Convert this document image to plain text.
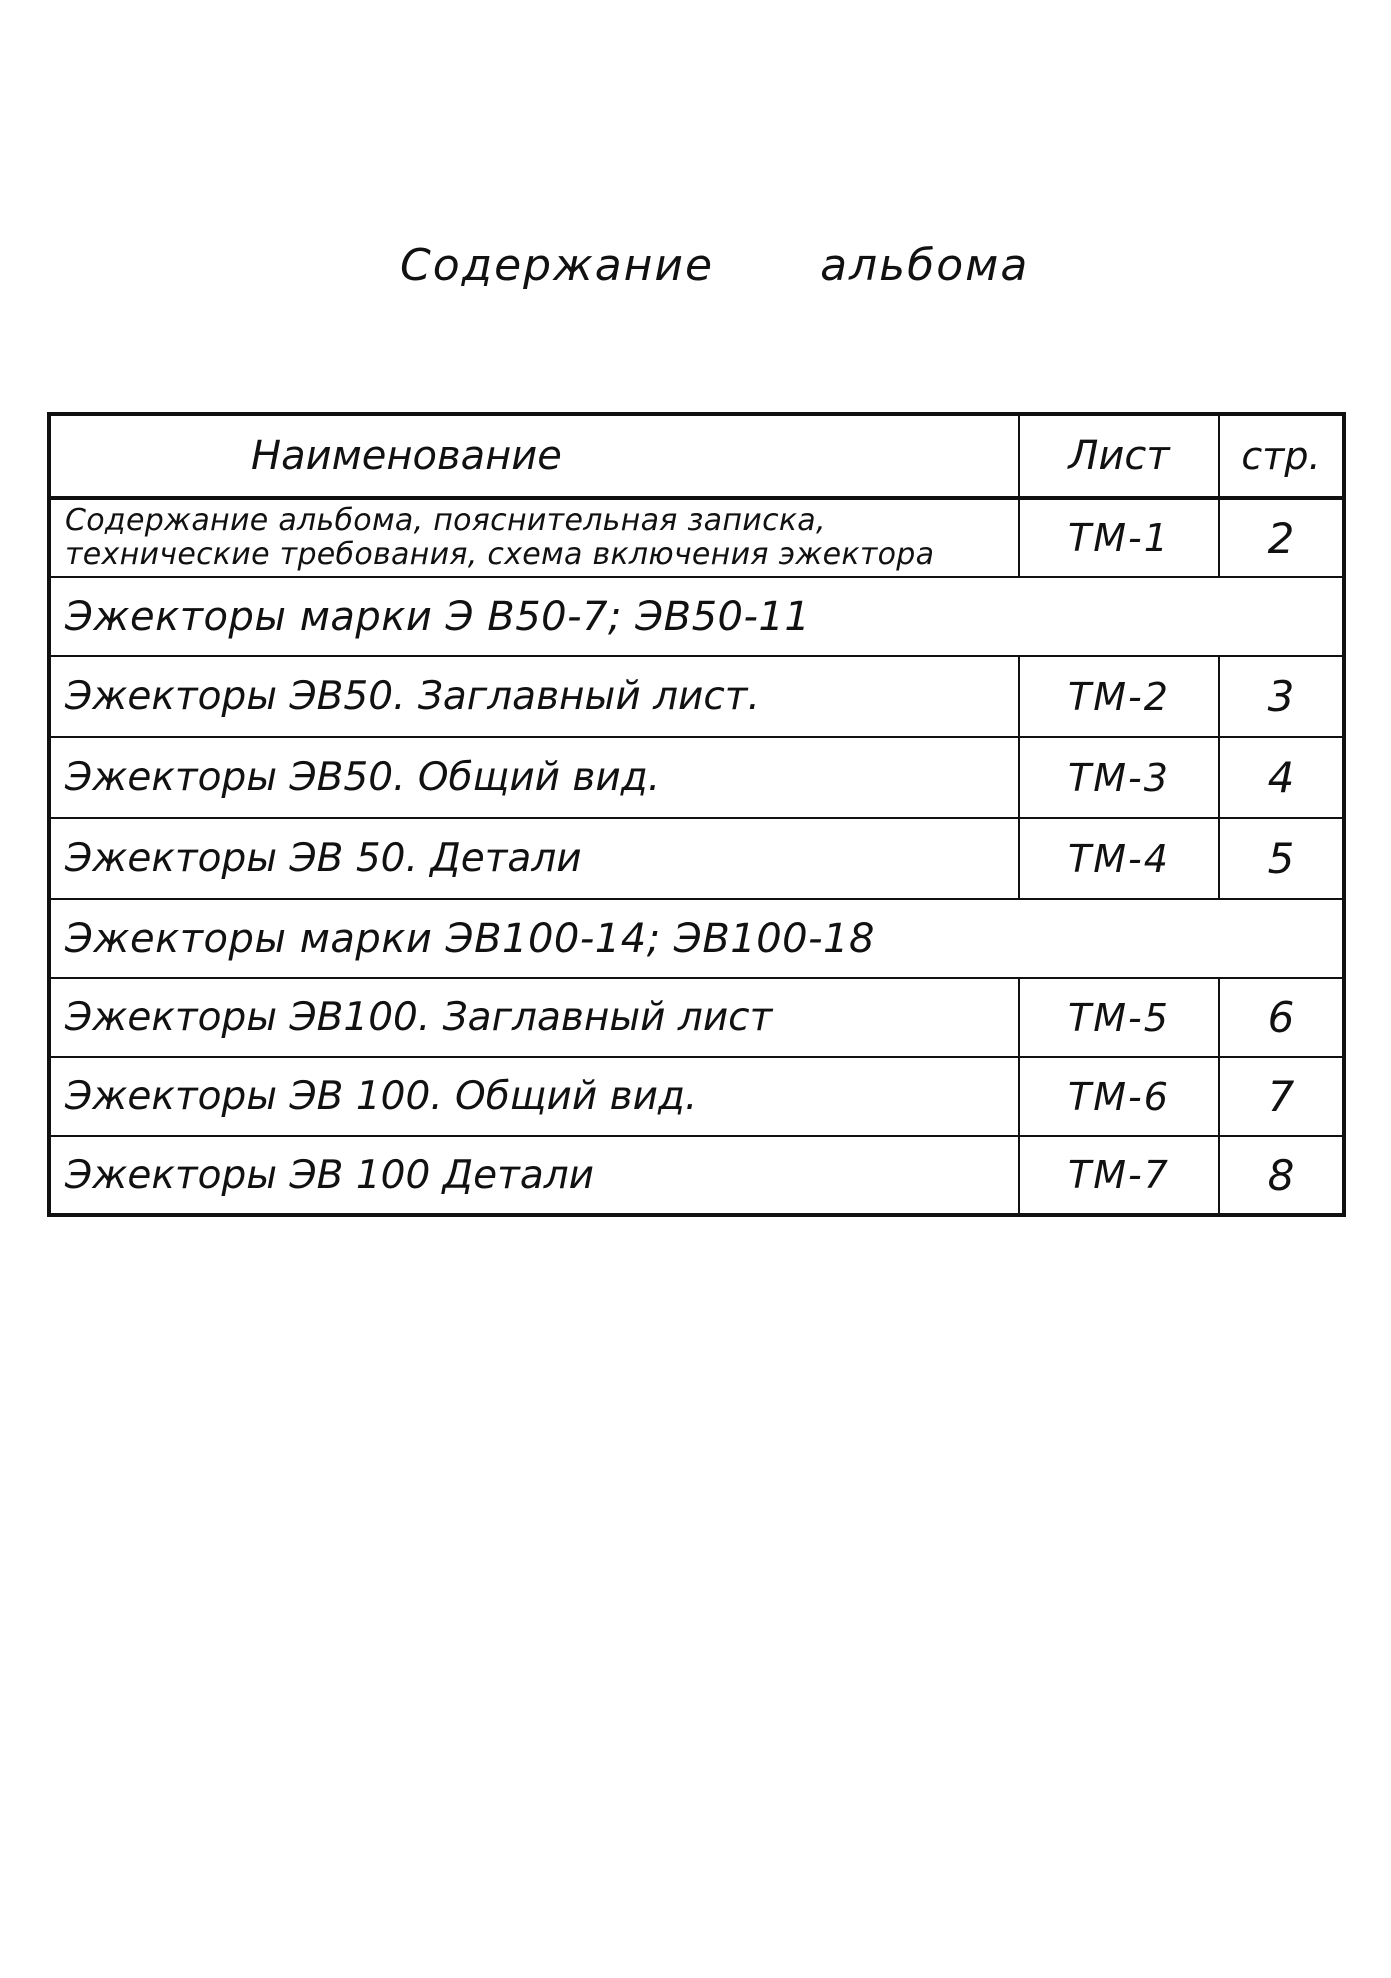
Содержание альбома
Наименование	Лист	стр.
Содержание альбома, пояснительная записка, технические требования, схема включения эжектора	ТМ-1	2
Эжекторы марки Э В50-7; ЭВ50-11		
Эжекторы ЭВ50. Заглавный лист.	ТМ-2	3
Эжекторы ЭВ50. Общий вид.	ТМ-3	4
Эжекторы ЭВ 50. Детали	ТМ-4	5
Эжекторы марки ЭВ100-14; ЭВ100-18		
Эжекторы ЭВ100. Заглавный лист	ТМ-5	6
Эжекторы ЭВ 100. Общий вид.	ТМ-6	7
Эжекторы ЭВ 100 Детали	ТМ-7	8
